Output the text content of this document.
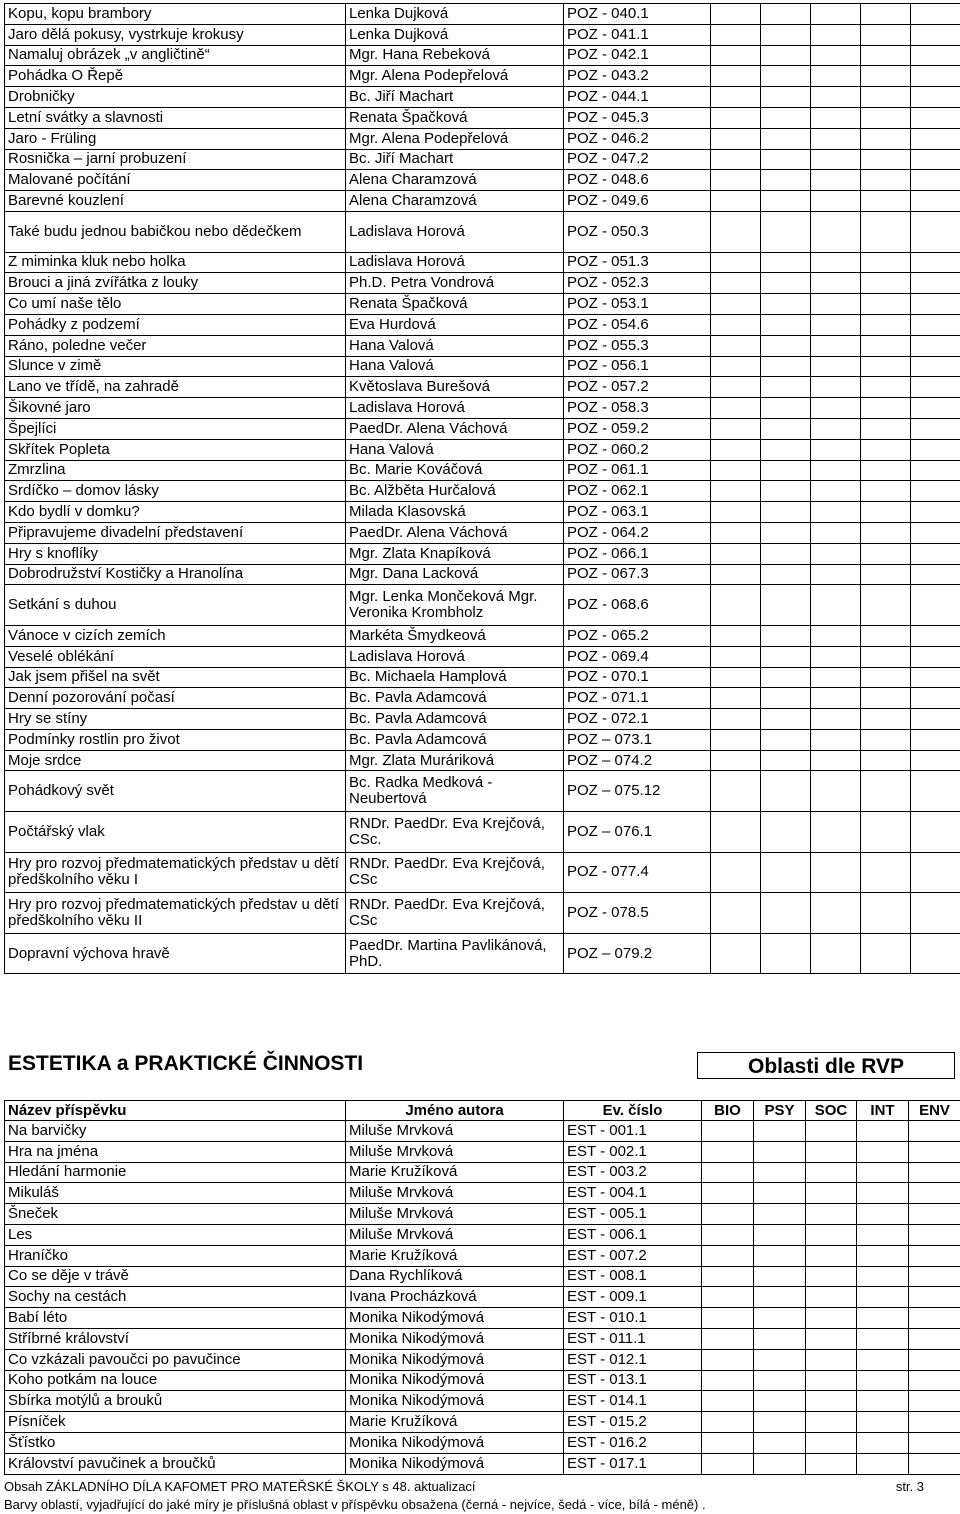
Kopu, kopu brambory	Lenka Dujková	POZ - 040.1	

Jaro dělá pokusy, vystrkuje krokusy	Lenka Dujková	POZ - 041.1	

Namaluj obrázek „v angličtině“	Mgr. Hana Rebeková	POZ - 042.1	

Pohádka O Řepě	Mgr. Alena Podepřelová	POZ - 043.2	

Drobničky	Bc. Jiří Machart	POZ - 044.1	

Letní svátky a slavnosti	Renata Špačková	POZ - 045.3	

Jaro - Früling	Mgr. Alena Podepřelová	POZ - 046.2	

Rosnička – jarní probuzení	Bc. Jiří Machart	POZ - 047.2	

Malované počítání	Alena Charamzová	POZ - 048.6	

Barevné kouzlení	Alena Charamzová	POZ - 049.6	

Také budu jednou babičkou nebo dědečkem	Ladislava Horová	POZ - 050.3	

Z miminka kluk nebo holka	Ladislava Horová	POZ - 051.3	

Brouci a jiná zvířátka z louky	Ph.D. Petra Vondrová	POZ - 052.3	

Co umí naše tělo	Renata Špačková	POZ - 053.1	

Pohádky z podzemí	Eva Hurdová	POZ - 054.6	

Ráno, poledne večer	Hana Valová	POZ - 055.3	

Slunce v zimě	Hana Valová	POZ - 056.1	

Lano ve třídě, na zahradě	Květoslava Burešová	POZ - 057.2	

Šikovné jaro	Ladislava Horová	POZ - 058.3	

Špejlíci	PaedDr. Alena Váchová	POZ - 059.2	

Skřítek Popleta	Hana Valová	POZ - 060.2	

Zmrzlina	Bc. Marie Kováčová	POZ - 061.1	

Srdíčko – domov lásky	Bc. Alžběta Hurčalová	POZ - 062.1	

Kdo bydlí v domku?	Milada Klasovská	POZ - 063.1	

Připravujeme divadelní představení	PaedDr. Alena Váchová	POZ - 064.2	

Hry s knoflíky	Mgr. Zlata Knapíková	POZ - 066.1	

Dobrodružství Kostičky a Hranolína	Mgr. Dana Lacková	POZ - 067.3	

Setkání s duhou	Mgr. Lenka Mončeková Mgr. Veronika Krombholz	POZ - 068.6	

Vánoce v cizích zemích	Markéta Šmydkeová	POZ - 065.2	

Veselé oblékání	Ladislava Horová	POZ - 069.4	

Jak jsem přišel na svět	Bc. Michaela Hamplová	POZ - 070.1	

Denní pozorování počasí	Bc. Pavla Adamcová	POZ - 071.1	

Hry se stíny	Bc. Pavla Adamcová	POZ - 072.1	

Podmínky rostlin pro život	Bc. Pavla Adamcová	POZ – 073.1	

Moje srdce	Mgr. Zlata Muráriková	POZ – 074.2	

Pohádkový svět	Bc. Radka Medková - Neubertová	POZ – 075.12	

Počtářský vlak	RNDr. PaedDr. Eva Krejčová, CSc.	POZ – 076.1	

Hry pro rozvoj předmatematických představ u dětí předškolního věku I	RNDr. PaedDr. Eva Krejčová, CSc	POZ - 077.4	

Hry pro rozvoj předmatematických představ u dětí předškolního věku II	RNDr. PaedDr. Eva Krejčová, CSc	POZ - 078.5	

Dopravní výchova hravě	PaedDr. Martina Pavlikánová, PhD.	POZ – 079.2	

ESTETIKA a PRAKTICKÉ ČINNOSTI	Oblasti dle RVP
Název příspěvku	Jméno autora	Ev. číslo	BIO	PSY	SOC	INT	ENV
Na barvičky	Miluše Mrvková	EST - 001.1	

Hra na jména	Miluše Mrvková	EST - 002.1	

Hledání harmonie	Marie Kružíková	EST - 003.2	

Mikuláš	Miluše Mrvková	EST - 004.1	

Šneček	Miluše Mrvková	EST - 005.1	

Les	Miluše Mrvková	EST - 006.1	

Hraníčko	Marie Kružíková	EST - 007.2	

Co se děje v trávě	Dana Rychlíková	EST - 008.1	

Sochy na cestách	Ivana Procházková	EST - 009.1	

Babí léto	Monika Nikodýmová	EST - 010.1	

Stříbrné království	Monika Nikodýmová	EST - 011.1	

Co vzkázali pavoučci po pavučince	Monika Nikodýmová	EST - 012.1	

Koho potkám na louce	Monika Nikodýmová	EST - 013.1	

Sbírka motýlů a brouků	Monika Nikodýmová	EST - 014.1	

Písníček	Marie Kružíková	EST - 015.2	

Šťístko	Monika Nikodýmová	EST - 016.2	

Království pavučinek a broučků	Monika Nikodýmová	EST - 017.1	

Obsah ZÁKLADNÍHO DÍLA KAFOMET PRO MATEŘSKÉ ŠKOLY s 48. aktualizací	str. 3
Barvy oblastí, vyjadřující do jaké míry je příslušná oblast v příspěvku obsažena (černá - nejvíce, šedá - více, bílá - méně) .
